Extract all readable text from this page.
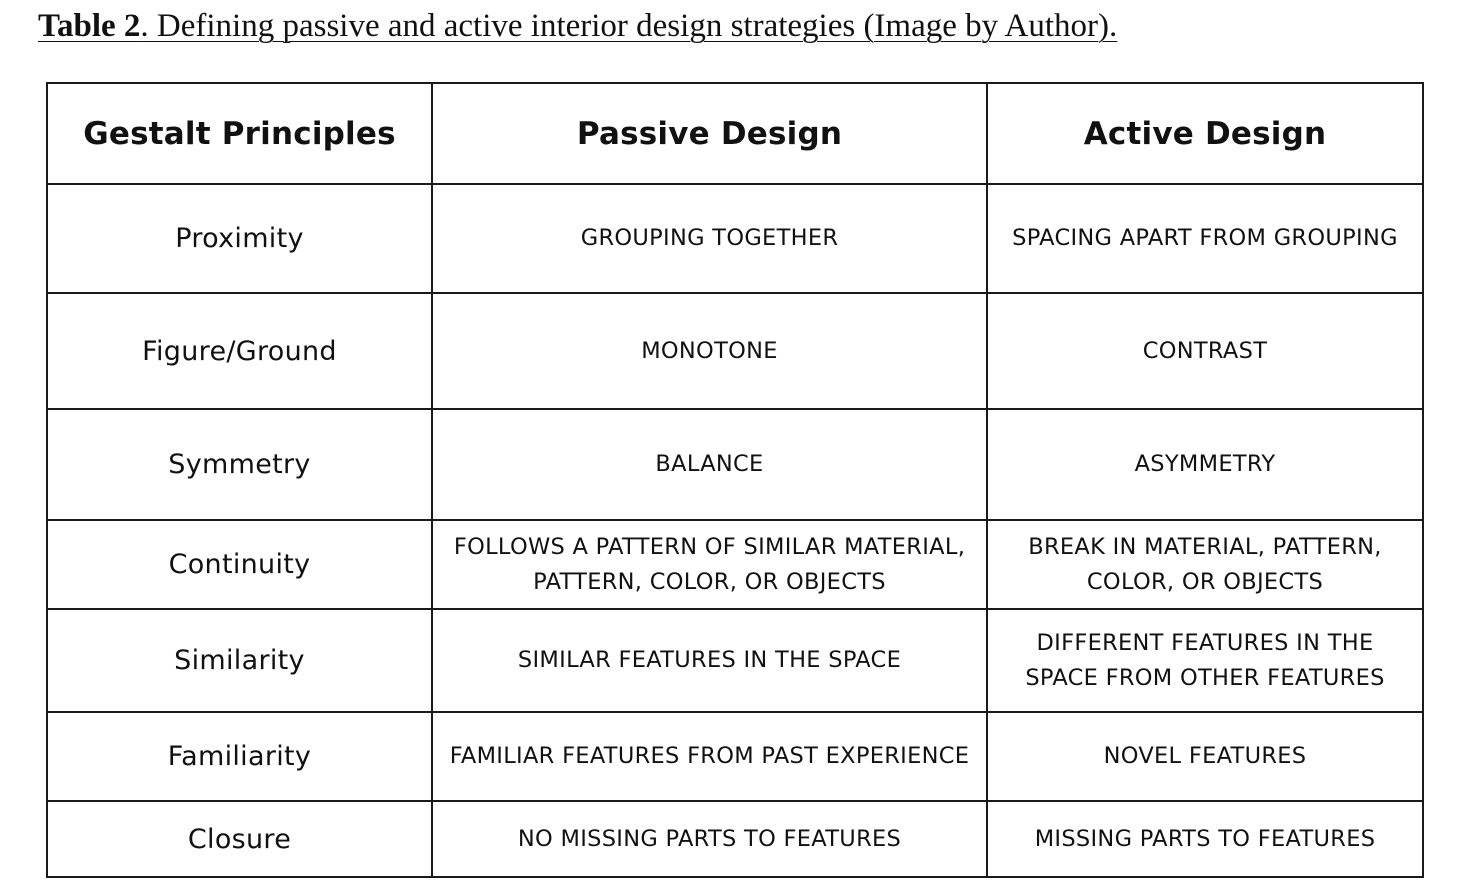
Table 2. Defining passive and active interior design strategies (Image by Author).
Gestalt Principles	Passive Design	Active Design
Proximity	GROUPING TOGETHER	SPACING APART FROM GROUPING
Figure/Ground	MONOTONE	CONTRAST
Symmetry	BALANCE	ASYMMETRY
Continuity	FOLLOWS A PATTERN OF SIMILAR MATERIAL, PATTERN, COLOR, OR OBJECTS	BREAK IN MATERIAL, PATTERN, COLOR, OR OBJECTS
Similarity	SIMILAR FEATURES IN THE SPACE	DIFFERENT FEATURES IN THE SPACE FROM OTHER FEATURES
Familiarity	FAMILIAR FEATURES FROM PAST EXPERIENCE	NOVEL FEATURES
Closure	NO MISSING PARTS TO FEATURES	MISSING PARTS TO FEATURES
